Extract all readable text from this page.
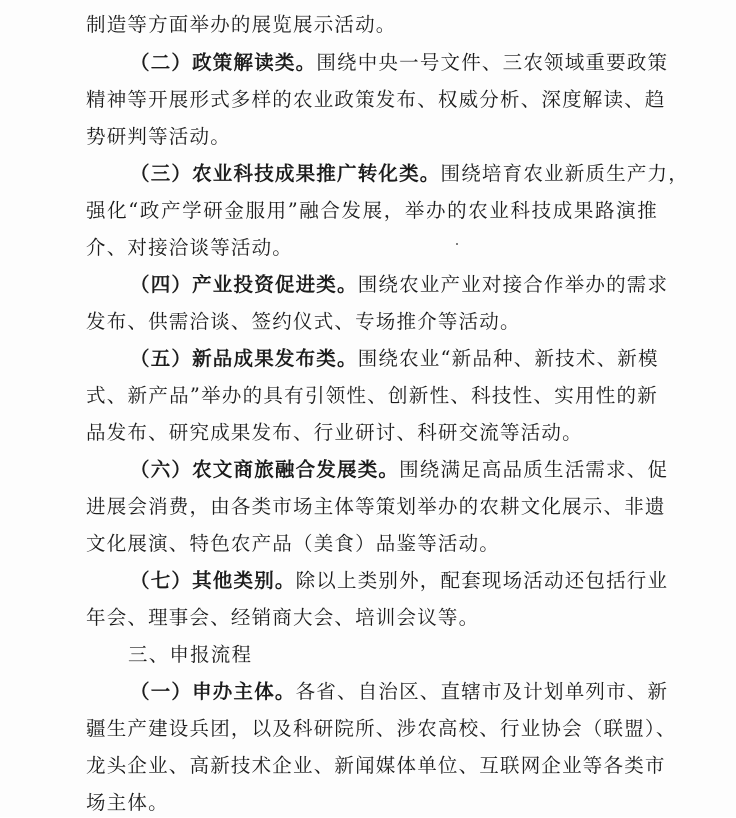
制造等方面举办的展览展示活动。
（二）政策解读类。围绕中央一号文件、三农领域重要政策
精神等开展形式多样的农业政策发布、权威分析、深度解读、趋
势研判等活动。
（三）农业科技成果推广转化类。围绕培育农业新质生产力，
强化“政产学研金服用”融合发展，举办的农业科技成果路演推
介、对接洽谈等活动。
（四）产业投资促进类。围绕农业产业对接合作举办的需求
发布、供需洽谈、签约仪式、专场推介等活动。
（五）新品成果发布类。围绕农业“新品种、新技术、新模
式、新产品”举办的具有引领性、创新性、科技性、实用性的新
品发布、研究成果发布、行业研讨、科研交流等活动。
（六）农文商旅融合发展类。围绕满足高品质生活需求、促
进展会消费，由各类市场主体等策划举办的农耕文化展示、非遗
文化展演、特色农产品（美食）品鉴等活动。
（七）其他类别。除以上类别外，配套现场活动还包括行业
年会、理事会、经销商大会、培训会议等。
三、申报流程
（一）申办主体。各省、自治区、直辖市及计划单列市、新
疆生产建设兵团，以及科研院所、涉农高校、行业协会（联盟）、
龙头企业、高新技术企业、新闻媒体单位、互联网企业等各类市
场主体。
